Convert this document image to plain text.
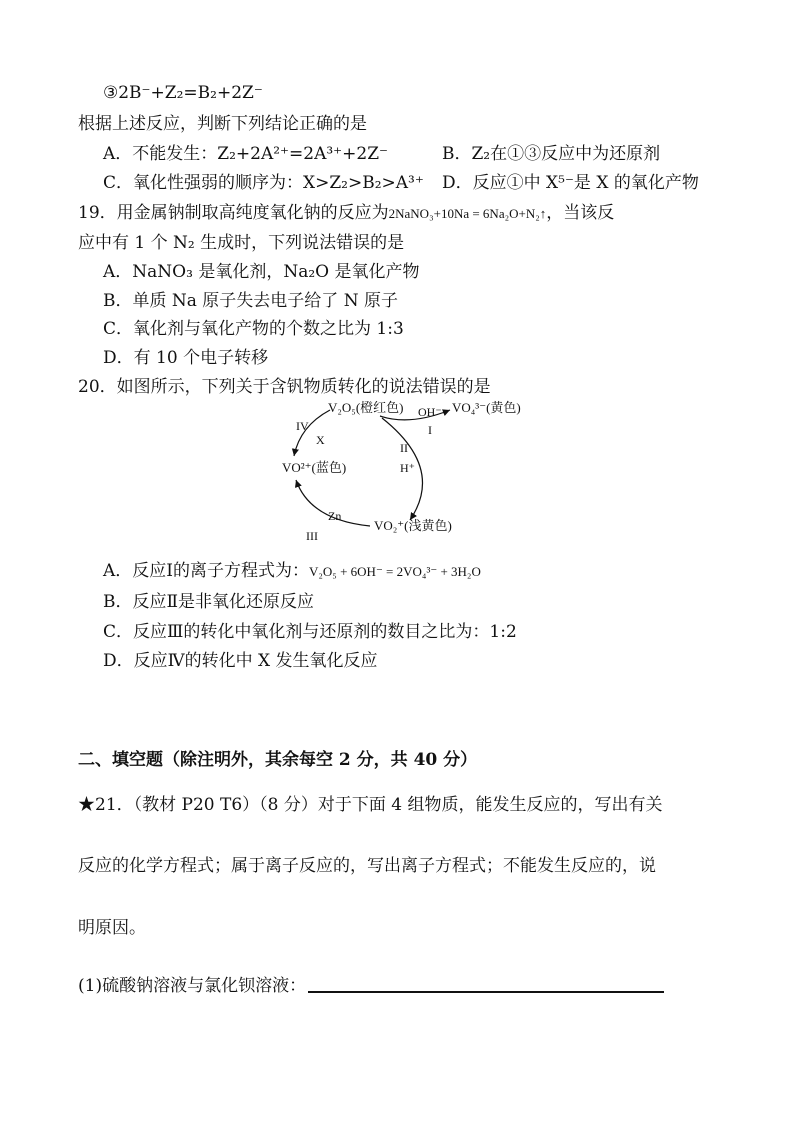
③2B⁻+Z₂=B₂+2Z⁻
根据上述反应，判断下列结论正确的是
A．不能发生：Z₂+2A²⁺=2A³⁺+2Z⁻	B．Z₂在①③反应中为还原剂
C．氧化性强弱的顺序为：X>Z₂>B₂>A³⁺ D．反应①中 X⁵⁻是 X 的氧化产物
19．用金属钠制取高纯度氧化钠的反应为2NaNO₃+10Na = 6Na₂O+N₂↑，当该反
应中有 1 个 N₂ 生成时，下列说法错误的是
A．NaNO₃ 是氧化剂，Na₂O 是氧化产物
B．单质 Na 原子失去电子给了 N 原子
C．氧化剂与氧化产物的个数之比为 1:3
D．有 10 个电子转移
20．如图所示，下列关于含钒物质转化的说法错误的是
V₂O₅(橙红色)	VO₄³⁻(黄色)
VO²⁺(蓝色)
VO₂⁺(浅黄色)
OH⁻
I
II
H⁺
III
Zn
IV
X
A．反应Ⅰ的离子方程式为：V₂O₅ + 6OH⁻ = 2VO₄³⁻ + 3H₂O
B．反应Ⅱ是非氧化还原反应
C．反应Ⅲ的转化中氧化剂与还原剂的数目之比为：1:2
D．反应Ⅳ的转化中 X 发生氧化反应
二、填空题（除注明外，其余每空 2 分，共 40 分）
★21．（教材 P20 T6）（8 分）对于下面 4 组物质，能发生反应的，写出有关
反应的化学方程式；属于离子反应的，写出离子方程式；不能发生反应的，说
明原因。
(1)硫酸钠溶液与氯化钡溶液：
